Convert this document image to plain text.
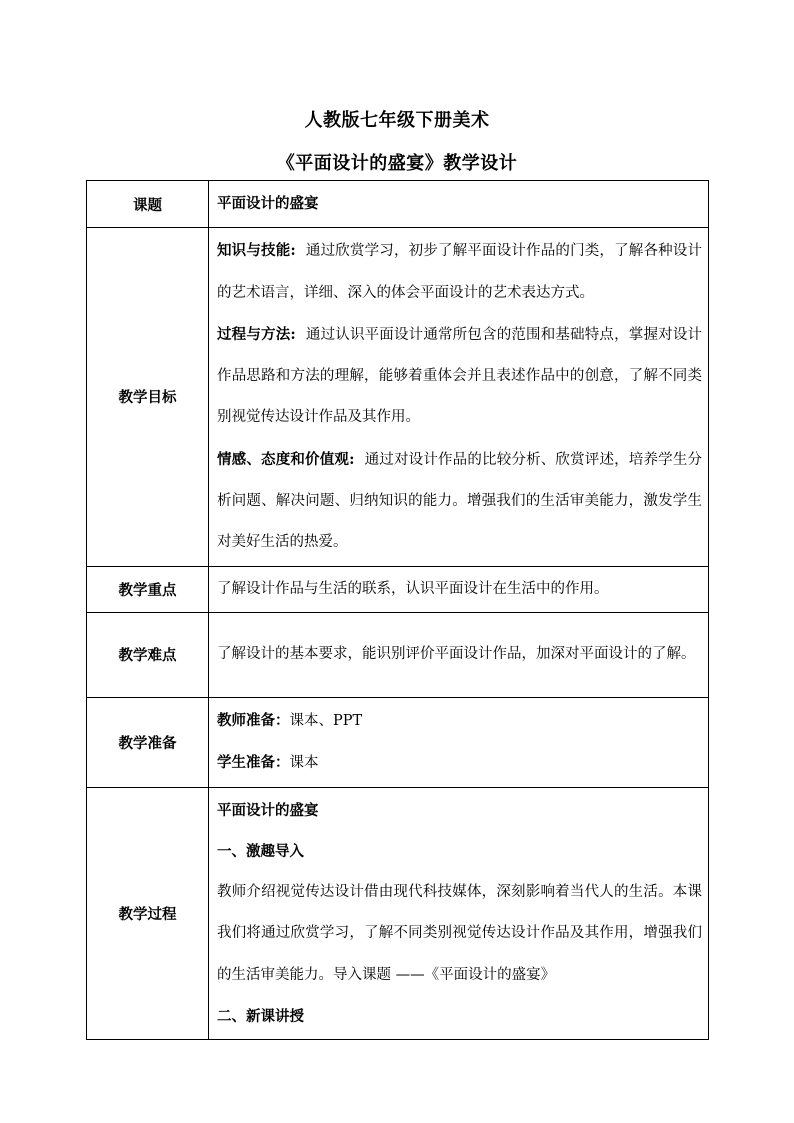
人教版七年级下册美术
《平面设计的盛宴》教学设计
课题	平面设计的盛宴
教学目标	知识与技能: 通过欣赏学习，初步了解平面设计作品的门类，了解各种设计的艺术语言，详细、深入的体会平面设计的艺术表达方式。
过程与方法: 通过认识平面设计通常所包含的范围和基础特点，掌握对设计作品思路和方法的理解，能够着重体会并且表述作品中的创意，了解不同类别视觉传达设计作品及其作用。
情感、态度和价值观: 通过对设计作品的比较分析、欣赏评述，培养学生分析问题、解决问题、归纳知识的能力。增强我们的生活审美能力，激发学生对美好生活的热爱。

教学重点	了解设计作品与生活的联系，认识平面设计在生活中的作用。
教学难点	了解设计的基本要求，能识别评价平面设计作品，加深对平面设计的了解。
教学准备	教师准备：课本、PPT
学生准备：课本

教学过程	平面设计的盛宴
一、激趣导入
教师介绍视觉传达设计借由现代科技媒体，深刻影响着当代人的生活。本课我们将通过欣赏学习，了解不同类别视觉传达设计作品及其作用，增强我们的生活审美能力。导入课题 ——《平面设计的盛宴》
二、新课讲授
